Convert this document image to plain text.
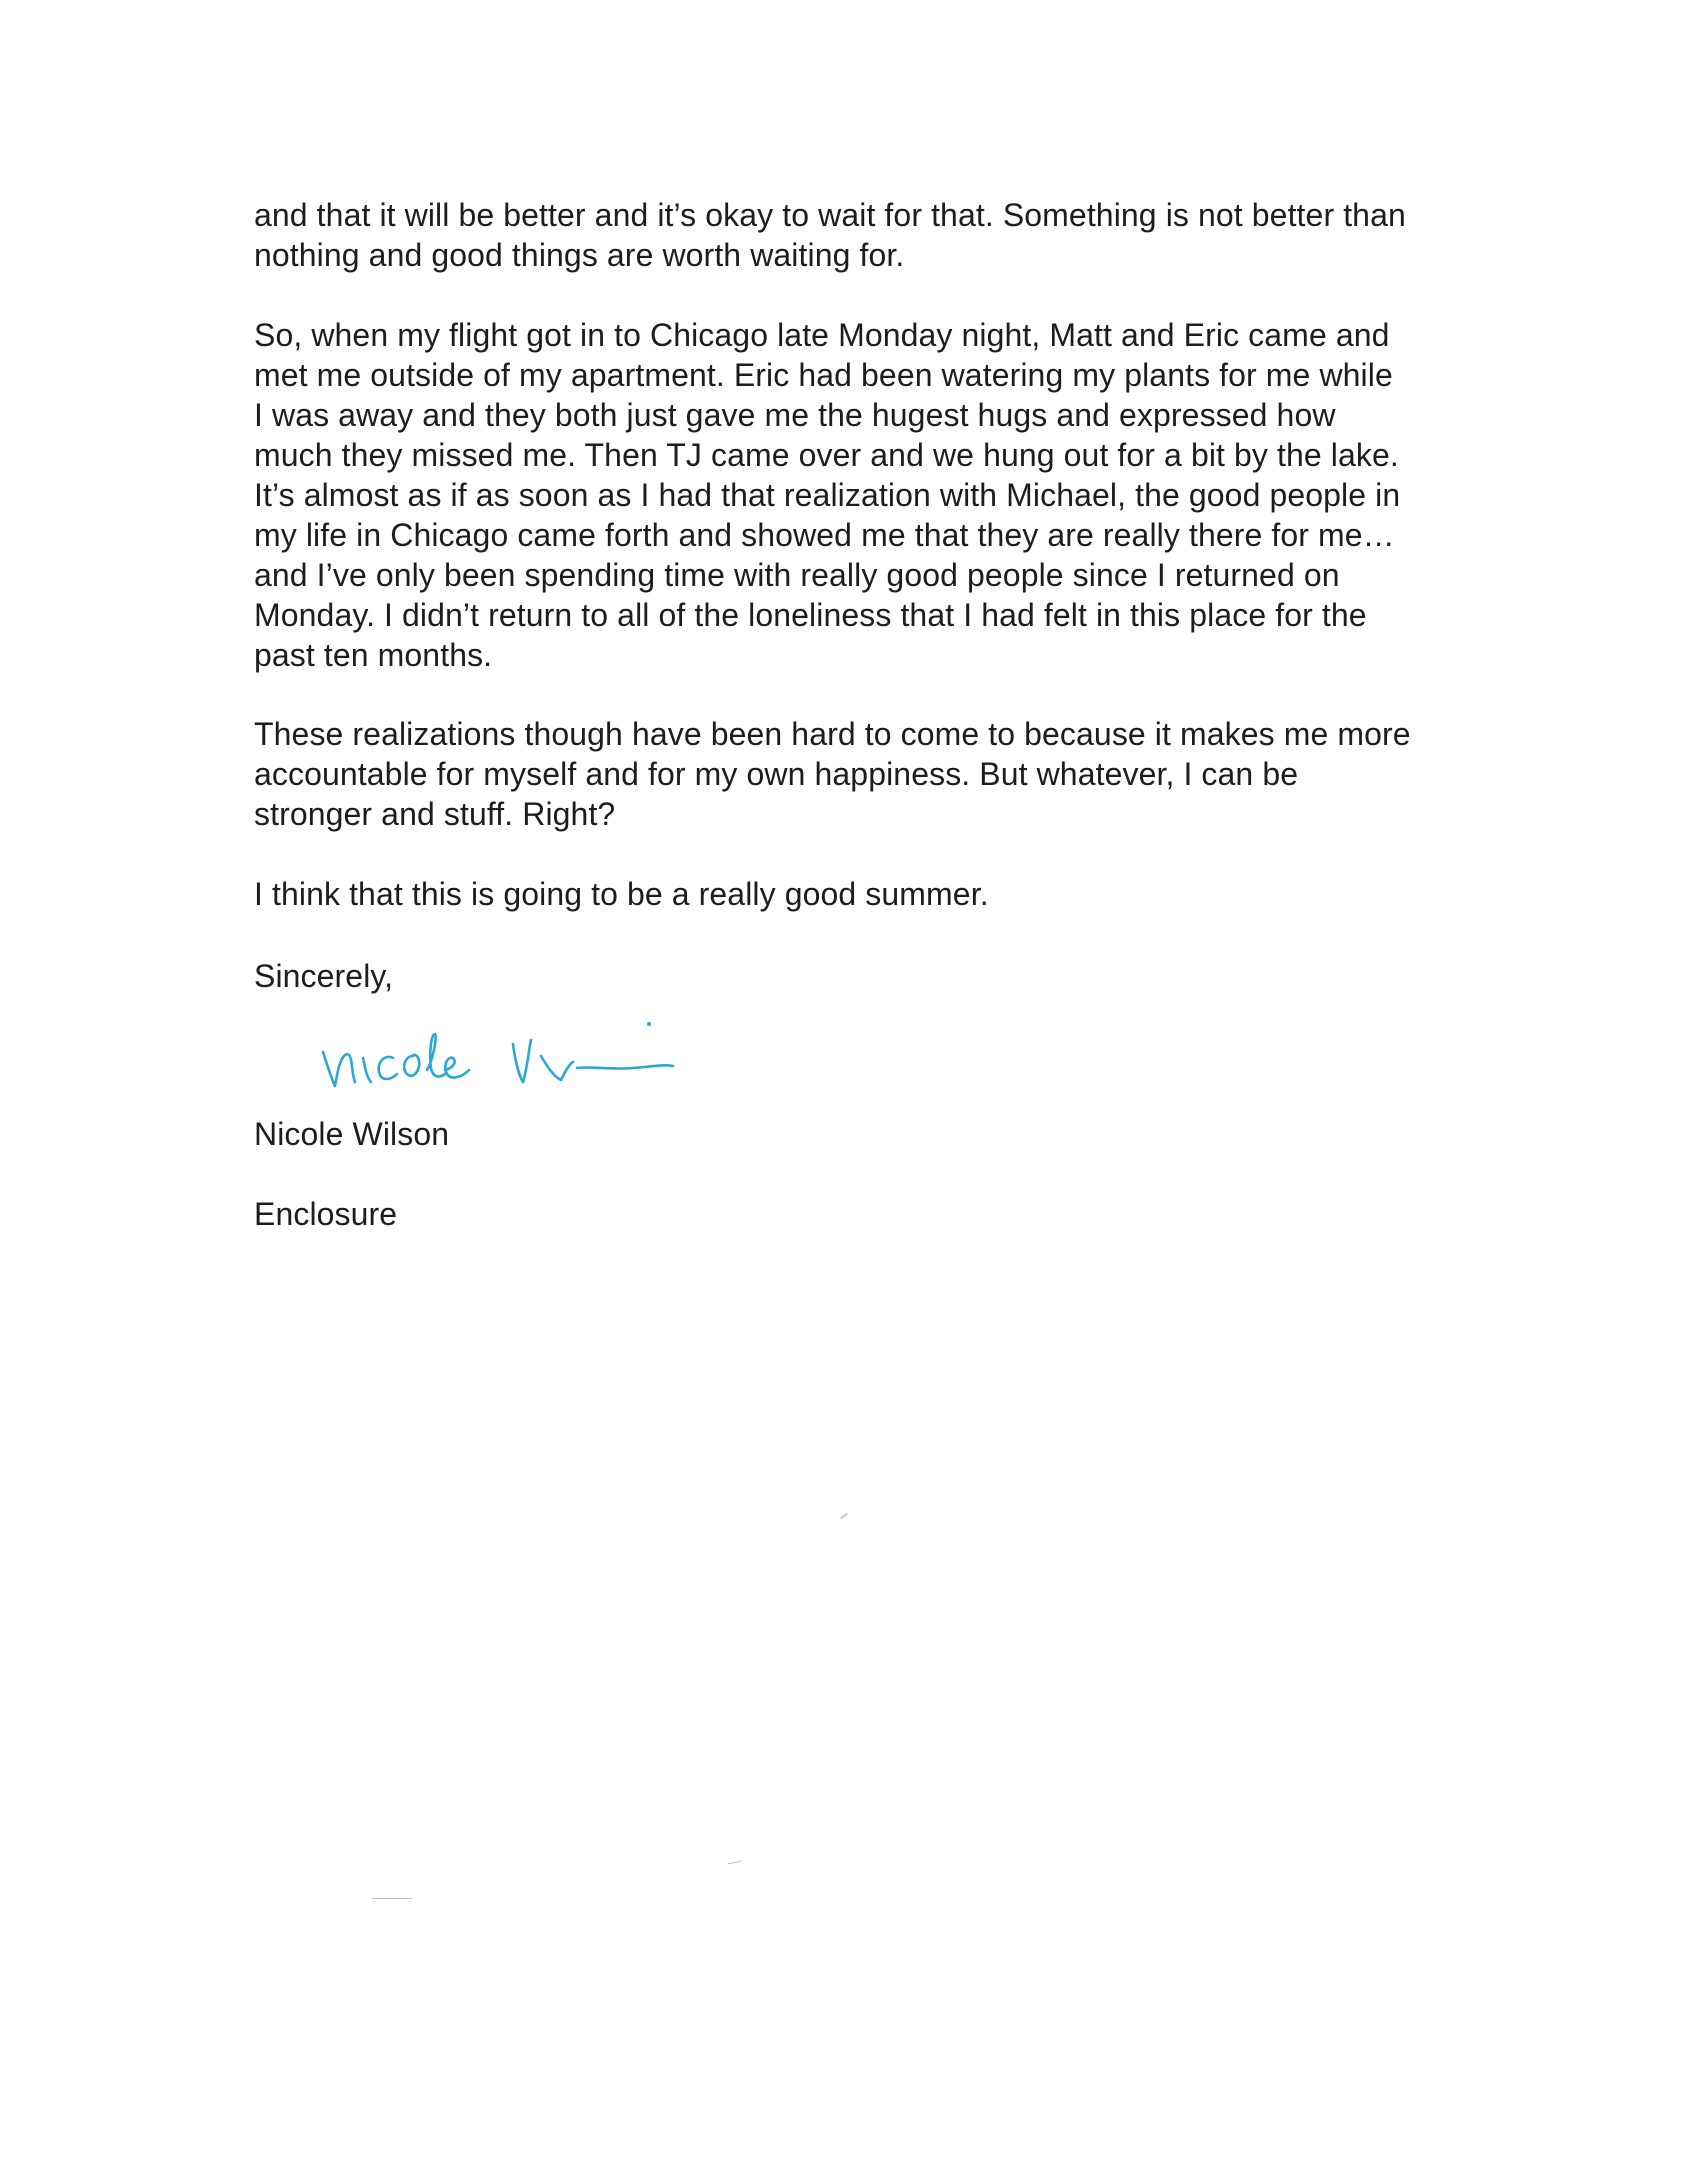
and that it will be better and it’s okay to wait for that. Something is not better than
nothing and good things are worth waiting for.
So, when my flight got in to Chicago late Monday night, Matt and Eric came and
met me outside of my apartment. Eric had been watering my plants for me while
I was away and they both just gave me the hugest hugs and expressed how
much they missed me. Then TJ came over and we hung out for a bit by the lake.
It’s almost as if as soon as I had that realization with Michael, the good people in
my life in Chicago came forth and showed me that they are really there for me…
and I’ve only been spending time with really good people since I returned on
Monday. I didn’t return to all of the loneliness that I had felt in this place for the
past ten months.
These realizations though have been hard to come to because it makes me more
accountable for myself and for my own happiness. But whatever, I can be
stronger and stuff. Right?
I think that this is going to be a really good summer.
Sincerely,
Nicole Wilson
Enclosure
